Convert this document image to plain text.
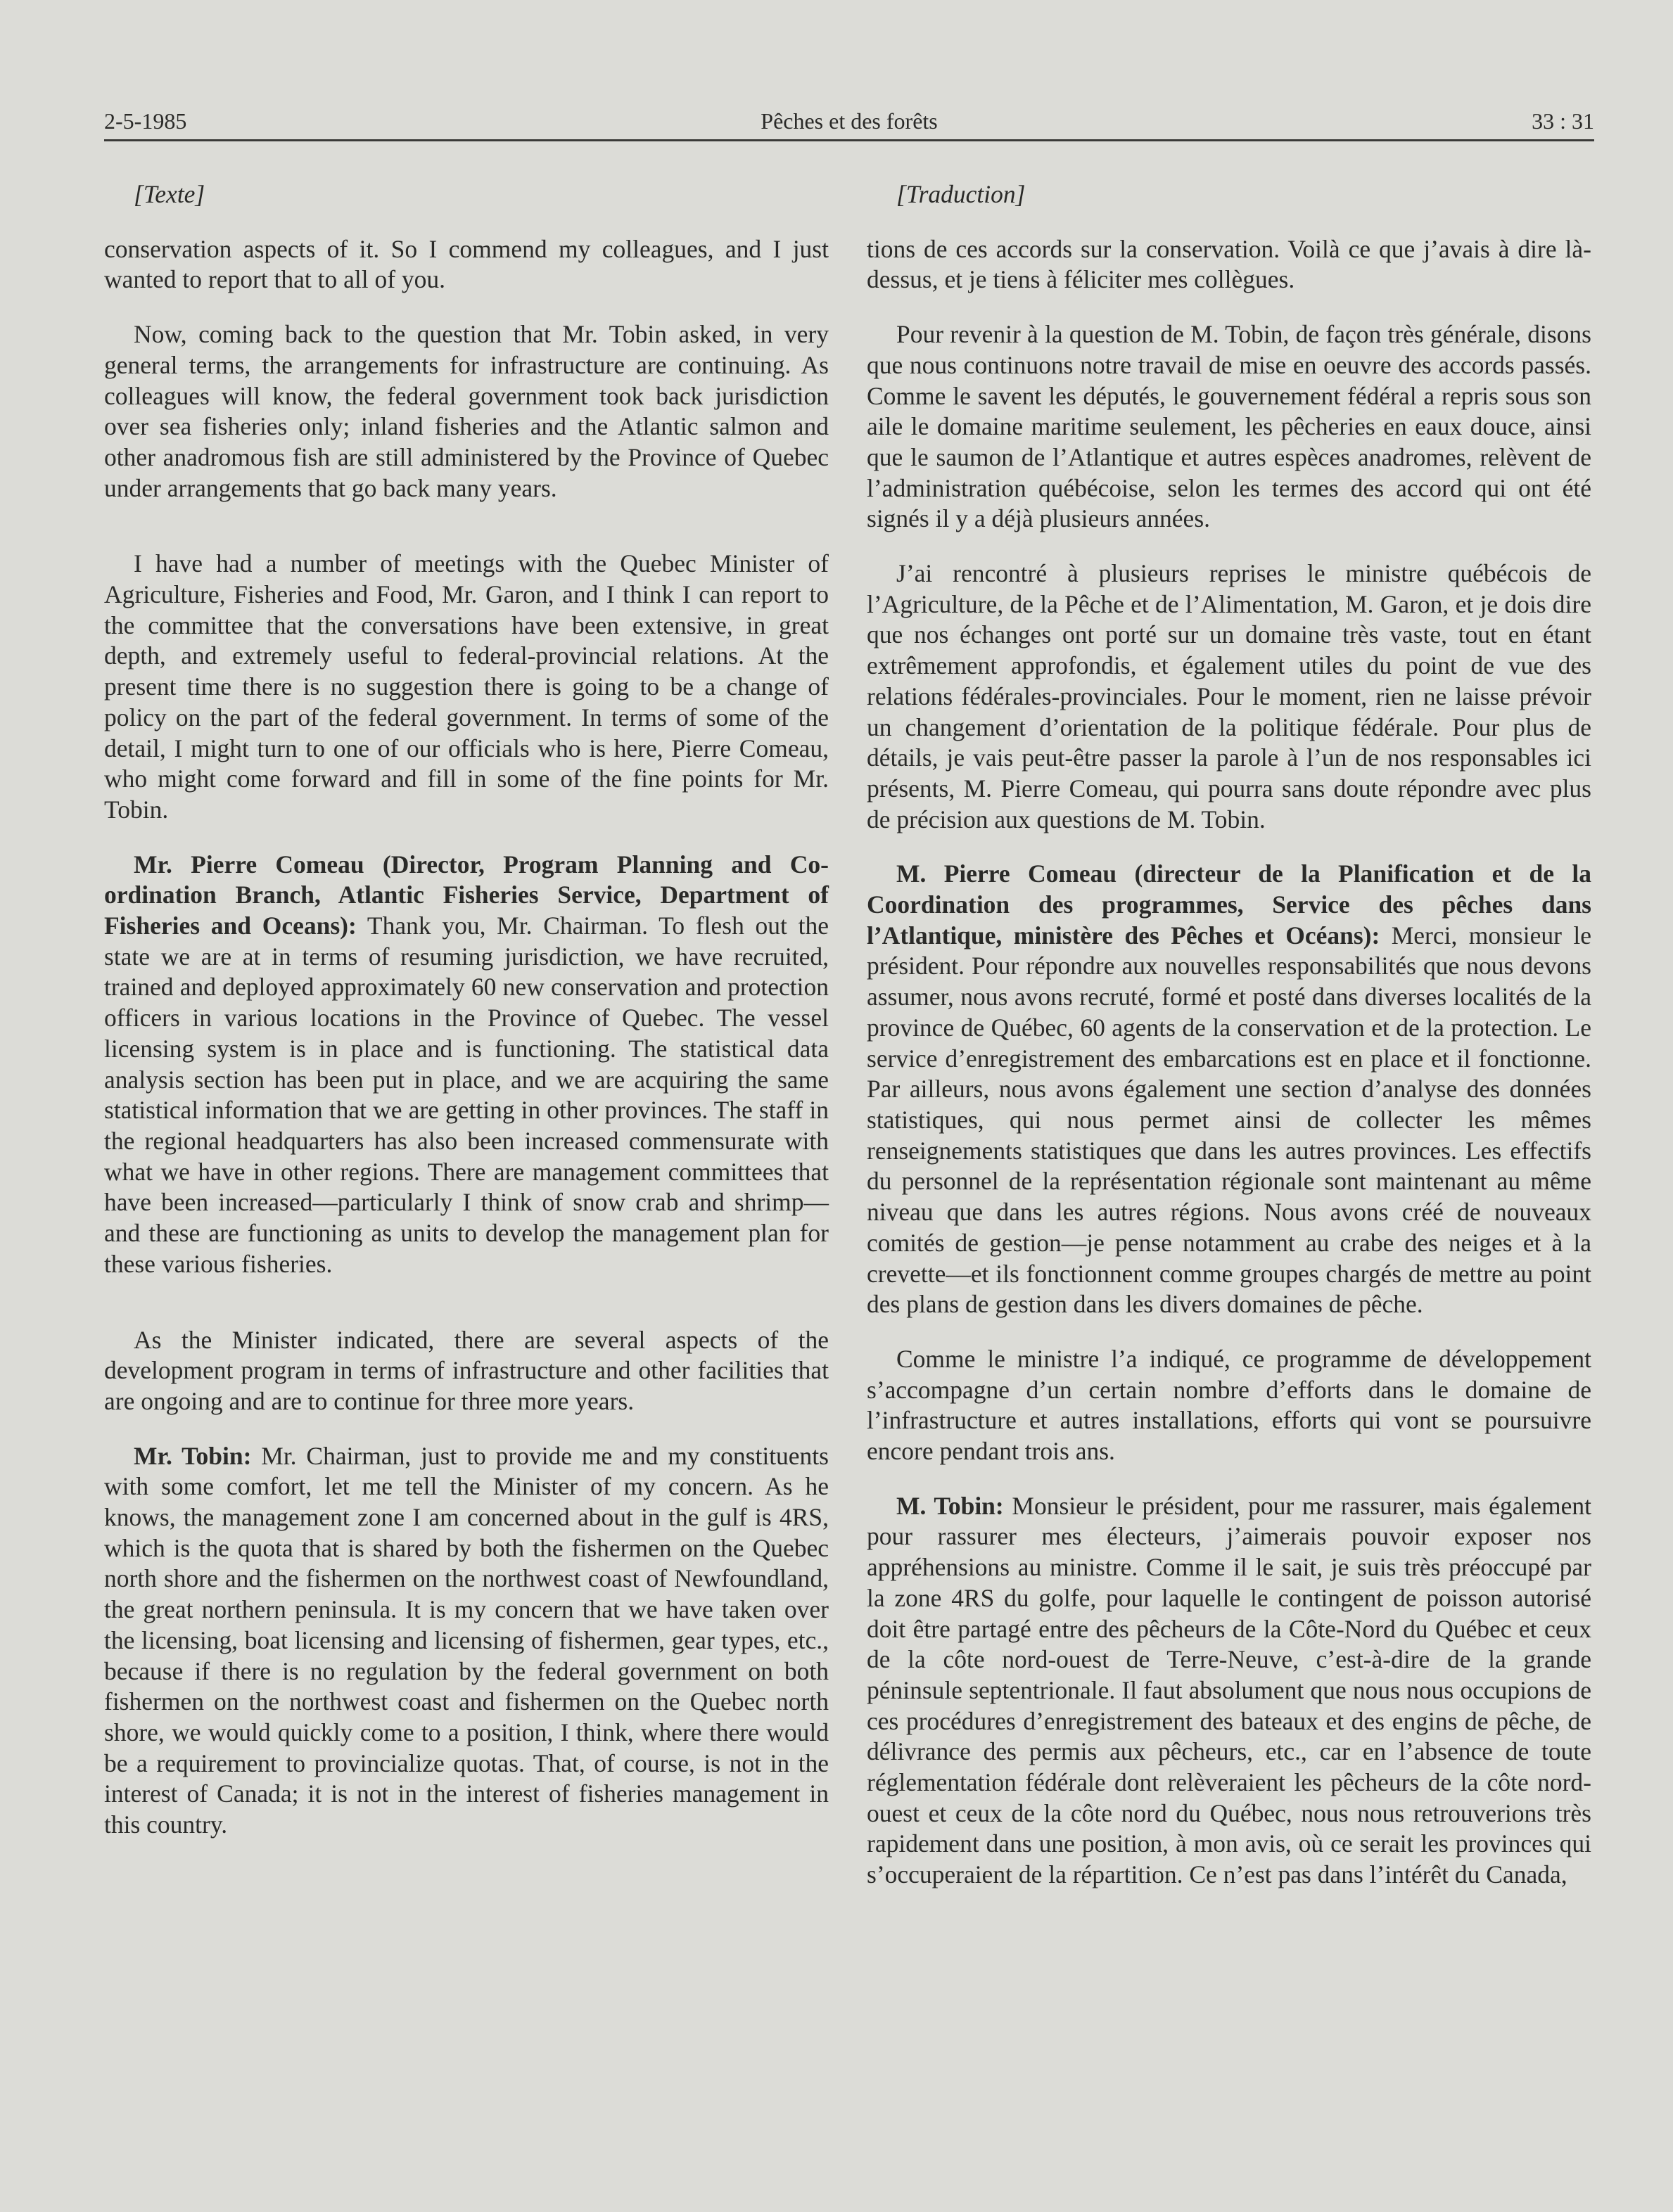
2-5-1985	Pêches et des forêts	33 : 31

[Texte]

conservation aspects of it. So I commend my colleagues, and I just wanted to report that to all of you.

Now, coming back to the question that Mr. Tobin asked, in very general terms, the arrangements for infrastructure are continuing. As colleagues will know, the federal government took back jurisdiction over sea fisheries only; inland fisheries and the Atlantic salmon and other anadromous fish are still administered by the Province of Quebec under arrangements that go back many years.

I have had a number of meetings with the Quebec Minister of Agriculture, Fisheries and Food, Mr. Garon, and I think I can report to the committee that the conversations have been extensive, in great depth, and extremely useful to federal-provincial relations. At the present time there is no suggestion there is going to be a change of policy on the part of the federal government. In terms of some of the detail, I might turn to one of our officials who is here, Pierre Comeau, who might come forward and fill in some of the fine points for Mr. Tobin.

Mr. Pierre Comeau (Director, Program Planning and Co-ordination Branch, Atlantic Fisheries Service, Department of Fisheries and Oceans): Thank you, Mr. Chairman. To flesh out the state we are at in terms of resuming jurisdiction, we have recruited, trained and deployed approximately 60 new conservation and protection officers in various locations in the Province of Quebec. The vessel licensing system is in place and is functioning. The statistical data analysis section has been put in place, and we are acquiring the same statistical information that we are getting in other provinces. The staff in the regional headquarters has also been increased commensurate with what we have in other regions. There are management committees that have been increased—particularly I think of snow crab and shrimp—and these are functioning as units to develop the management plan for these various fisheries.

As the Minister indicated, there are several aspects of the development program in terms of infrastructure and other facilities that are ongoing and are to continue for three more years.

Mr. Tobin: Mr. Chairman, just to provide me and my constituents with some comfort, let me tell the Minister of my concern. As he knows, the management zone I am concerned about in the gulf is 4RS, which is the quota that is shared by both the fishermen on the Quebec north shore and the fishermen on the northwest coast of Newfoundland, the great northern peninsula. It is my concern that we have taken over the licensing, boat licensing and licensing of fishermen, gear types, etc., because if there is no regulation by the federal government on both fishermen on the northwest coast and fishermen on the Quebec north shore, we would quickly come to a position, I think, where there would be a requirement to provincialize quotas. That, of course, is not in the interest of Canada; it is not in the interest of fisheries management in this country.

[Traduction]

tions de ces accords sur la conservation. Voilà ce que j’avais à dire là-dessus, et je tiens à féliciter mes collègues.

Pour revenir à la question de M. Tobin, de façon très générale, disons que nous continuons notre travail de mise en oeuvre des accords passés. Comme le savent les députés, le gouvernement fédéral a repris sous son aile le domaine maritime seulement, les pêcheries en eaux douce, ainsi que le saumon de l’Atlantique et autres espèces anadromes, relèvent de l’administration québécoise, selon les termes des accord qui ont été signés il y a déjà plusieurs années.

J’ai rencontré à plusieurs reprises le ministre québécois de l’Agriculture, de la Pêche et de l’Alimentation, M. Garon, et je dois dire que nos échanges ont porté sur un domaine très vaste, tout en étant extrêmement approfondis, et également utiles du point de vue des relations fédérales-provinciales. Pour le moment, rien ne laisse prévoir un changement d’orientation de la politique fédérale. Pour plus de détails, je vais peut-être passer la parole à l’un de nos responsables ici présents, M. Pierre Comeau, qui pourra sans doute répondre avec plus de précision aux questions de M. Tobin.

M. Pierre Comeau (directeur de la Planification et de la Coordination des programmes, Service des pêches dans l’Atlantique, ministère des Pêches et Océans): Merci, monsieur le président. Pour répondre aux nouvelles responsabilités que nous devons assumer, nous avons recruté, formé et posté dans diverses localités de la province de Québec, 60 agents de la conservation et de la protection. Le service d’enregistrement des embarcations est en place et il fonctionne. Par ailleurs, nous avons également une section d’analyse des données statistiques, qui nous permet ainsi de collecter les mêmes renseignements statistiques que dans les autres provinces. Les effectifs du personnel de la représentation régionale sont maintenant au même niveau que dans les autres régions. Nous avons créé de nouveaux comités de gestion—je pense notamment au crabe des neiges et à la crevette—et ils fonctionnent comme groupes chargés de mettre au point des plans de gestion dans les divers domaines de pêche.

Comme le ministre l’a indiqué, ce programme de développement s’accompagne d’un certain nombre d’efforts dans le domaine de l’infrastructure et autres installations, efforts qui vont se poursuivre encore pendant trois ans.

M. Tobin: Monsieur le président, pour me rassurer, mais également pour rassurer mes électeurs, j’aimerais pouvoir exposer nos appréhensions au ministre. Comme il le sait, je suis très préoccupé par la zone 4RS du golfe, pour laquelle le contingent de poisson autorisé doit être partagé entre des pêcheurs de la Côte-Nord du Québec et ceux de la côte nord-ouest de Terre-Neuve, c’est-à-dire de la grande péninsule septentrionale. Il faut absolument que nous nous occupions de ces procédures d’enregistrement des bateaux et des engins de pêche, de délivrance des permis aux pêcheurs, etc., car en l’absence de toute réglementation fédérale dont relèveraient les pêcheurs de la côte nord-ouest et ceux de la côte nord du Québec, nous nous retrouverions très rapidement dans une position, à mon avis, où ce serait les provinces qui s’occuperaient de la répartition. Ce n’est pas dans l’intérêt du Canada,
